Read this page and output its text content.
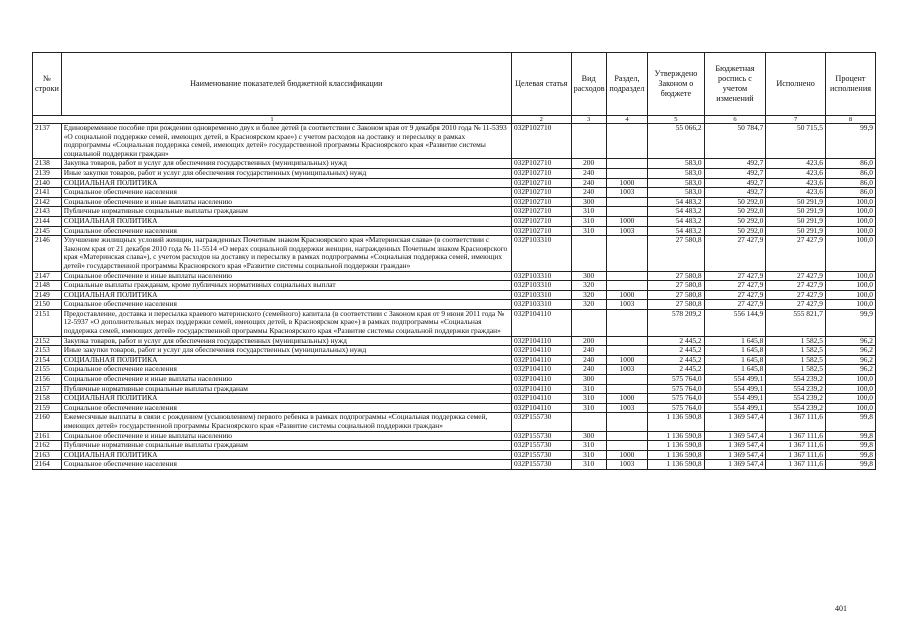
№ строки	Наименование показателей бюджетной классификации	Целевая статья	Вид расходов	Раздел, подраздел	Утверждено Законом о бюджете	Бюджетная роспись с учетом изменений	Исполнено	Процент исполнения
1		2	3	4	5	6	7	8
2137	Единовременное пособие при рождении одновременно двух и более детей (в соответствии с Законом края от 9 декабря 2010 года № 11-5393 «О социальной поддержке семей, имеющих детей, в Красноярском крае») с учетом расходов на доставку и пересылку в рамках подпрограммы «Социальная поддержка семей, имеющих детей» государственной программы Красноярского края «Развитие системы социальной поддержки граждан»	032Р102710			55 066,2	50 784,7	50 715,5	99,9
2138	Закупка товаров, работ и услуг для обеспечения государственных (муниципальных) нужд	032Р102710	200		583,0	492,7	423,6	86,0
2139	Иные закупки товаров, работ и услуг для обеспечения государственных (муниципальных) нужд	032Р102710	240		583,0	492,7	423,6	86,0
2140	СОЦИАЛЬНАЯ ПОЛИТИКА	032Р102710	240	1000	583,0	492,7	423,6	86,0
2141	Социальное обеспечение населения	032Р102710	240	1003	583,0	492,7	423,6	86,0
2142	Социальное обеспечение и иные выплаты населению	032Р102710	300		54 483,2	50 292,0	50 291,9	100,0
2143	Публичные нормативные социальные выплаты гражданам	032Р102710	310		54 483,2	50 292,0	50 291,9	100,0
2144	СОЦИАЛЬНАЯ ПОЛИТИКА	032Р102710	310	1000	54 483,2	50 292,0	50 291,9	100,0
2145	Социальное обеспечение населения	032Р102710	310	1003	54 483,2	50 292,0	50 291,9	100,0
2146	Улучшение жилищных условий женщин, награжденных Почетным знаком Красноярского края «Материнская слава» (в соответствии с Законом края от 21 декабря 2010 года № 11-5514 «О мерах социальной поддержки женщин, награжденных Почетным знаком Красноярского края «Материнская слава»), с учетом расходов на доставку и пересылку в рамках подпрограммы «Социальная поддержка семей, имеющих детей» государственной программы Красноярского края «Развитие системы социальной поддержки граждан»	032Р103310			27 580,8	27 427,9	27 427,9	100,0
2147	Социальное обеспечение и иные выплаты населению	032Р103310	300		27 580,8	27 427,9	27 427,9	100,0
2148	Социальные выплаты гражданам, кроме публичных нормативных социальных выплат	032Р103310	320		27 580,8	27 427,9	27 427,9	100,0
2149	СОЦИАЛЬНАЯ ПОЛИТИКА	032Р103310	320	1000	27 580,8	27 427,9	27 427,9	100,0
2150	Социальное обеспечение населения	032Р103310	320	1003	27 580,8	27 427,9	27 427,9	100,0
2151	Предоставление, доставка и пересылка краевого материнского (семейного) капитала (в соответствии с Законом края от 9 июня 2011 года № 12-5937 «О дополнительных мерах поддержки семей, имеющих детей, в Красноярском крае») в рамках подпрограммы «Социальная поддержка семей, имеющих детей» государственной программы Красноярского края «Развитие системы социальной поддержки граждан»	032Р104110			578 209,2	556 144,9	555 821,7	99,9
2152	Закупка товаров, работ и услуг для обеспечения государственных (муниципальных) нужд	032Р104110	200		2 445,2	1 645,8	1 582,5	96,2
2153	Иные закупки товаров, работ и услуг для обеспечения государственных (муниципальных) нужд	032Р104110	240		2 445,2	1 645,8	1 582,5	96,2
2154	СОЦИАЛЬНАЯ ПОЛИТИКА	032Р104110	240	1000	2 445,2	1 645,8	1 582,5	96,2
2155	Социальное обеспечение населения	032Р104110	240	1003	2 445,2	1 645,8	1 582,5	96,2
2156	Социальное обеспечение и иные выплаты населению	032Р104110	300		575 764,0	554 499,1	554 239,2	100,0
2157	Публичные нормативные социальные выплаты гражданам	032Р104110	310		575 764,0	554 499,1	554 239,2	100,0
2158	СОЦИАЛЬНАЯ ПОЛИТИКА	032Р104110	310	1000	575 764,0	554 499,1	554 239,2	100,0
2159	Социальное обеспечение населения	032Р104110	310	1003	575 764,0	554 499,1	554 239,2	100,0
2160	Ежемесячные выплаты в связи с рождением (усыновлением) первого ребенка в рамках подпрограммы «Социальная поддержка семей, имеющих детей» государственной программы Красноярского края «Развитие системы социальной поддержки граждан»	032Р155730			1 136 590,8	1 369 547,4	1 367 111,6	99,8
2161	Социальное обеспечение и иные выплаты населению	032Р155730	300		1 136 590,8	1 369 547,4	1 367 111,6	99,8
2162	Публичные нормативные социальные выплаты гражданам	032Р155730	310		1 136 590,8	1 369 547,4	1 367 111,6	99,8
2163	СОЦИАЛЬНАЯ ПОЛИТИКА	032Р155730	310	1000	1 136 590,8	1 369 547,4	1 367 111,6	99,8
2164	Социальное обеспечение населения	032Р155730	310	1003	1 136 590,8	1 369 547,4	1 367 111,6	99,8
401
